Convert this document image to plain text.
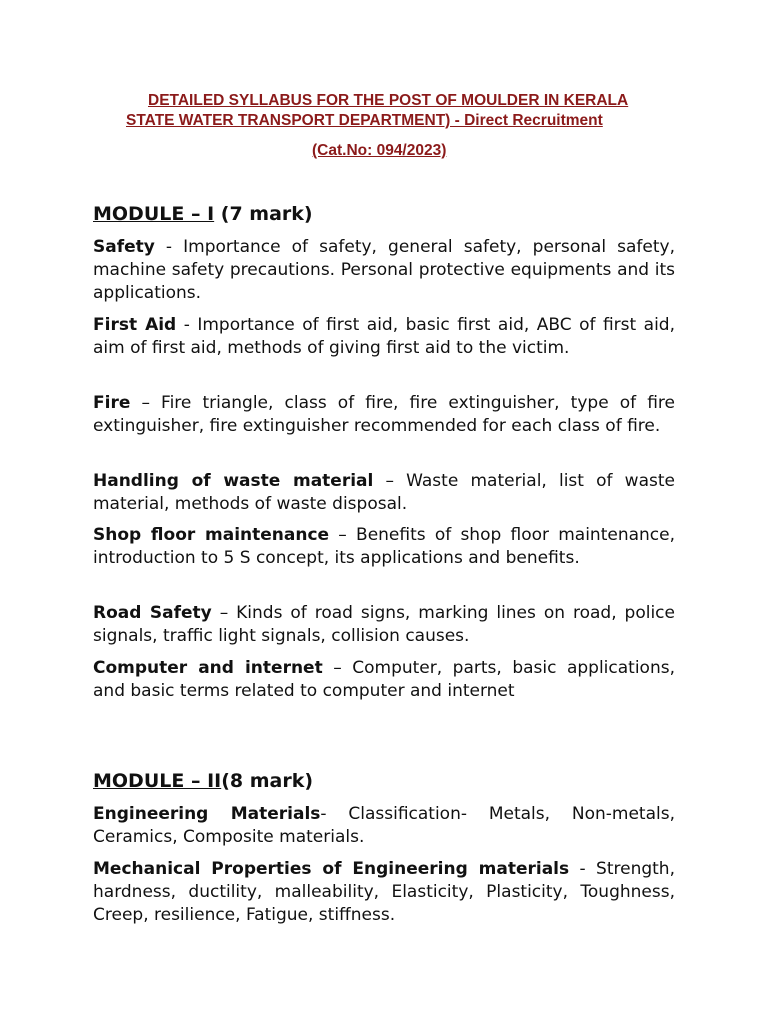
DETAILED SYLLABUS FOR THE POST OF MOULDER IN KERALA
STATE WATER TRANSPORT DEPARTMENT) - Direct Recruitment
(Cat.No: 094/2023)
MODULE – I (7 mark)
Safety - Importance of safety, general safety, personal safety, machine safety precautions. Personal protective equipments and its applications.
First Aid - Importance of first aid, basic first aid, ABC of first aid, aim of first aid, methods of giving first aid to the victim.
Fire – Fire triangle, class of fire, fire extinguisher, type of fire extinguisher, fire extinguisher recommended for each class of fire.
Handling of waste material – Waste material, list of waste material, methods of waste disposal.
Shop floor maintenance – Benefits of shop floor maintenance, introduction to 5 S concept, its applications and benefits.
Road Safety – Kinds of road signs, marking lines on road, police signals, traffic light signals, collision causes.
Computer and internet – Computer, parts, basic applications, and basic terms related to computer and internet
MODULE – II(8 mark)
Engineering Materials- Classification- Metals, Non-metals, Ceramics, Composite materials.
Mechanical Properties of Engineering materials - Strength, hardness, ductility, malleability, Elasticity, Plasticity, Toughness, Creep, resilience, Fatigue, stiffness.
